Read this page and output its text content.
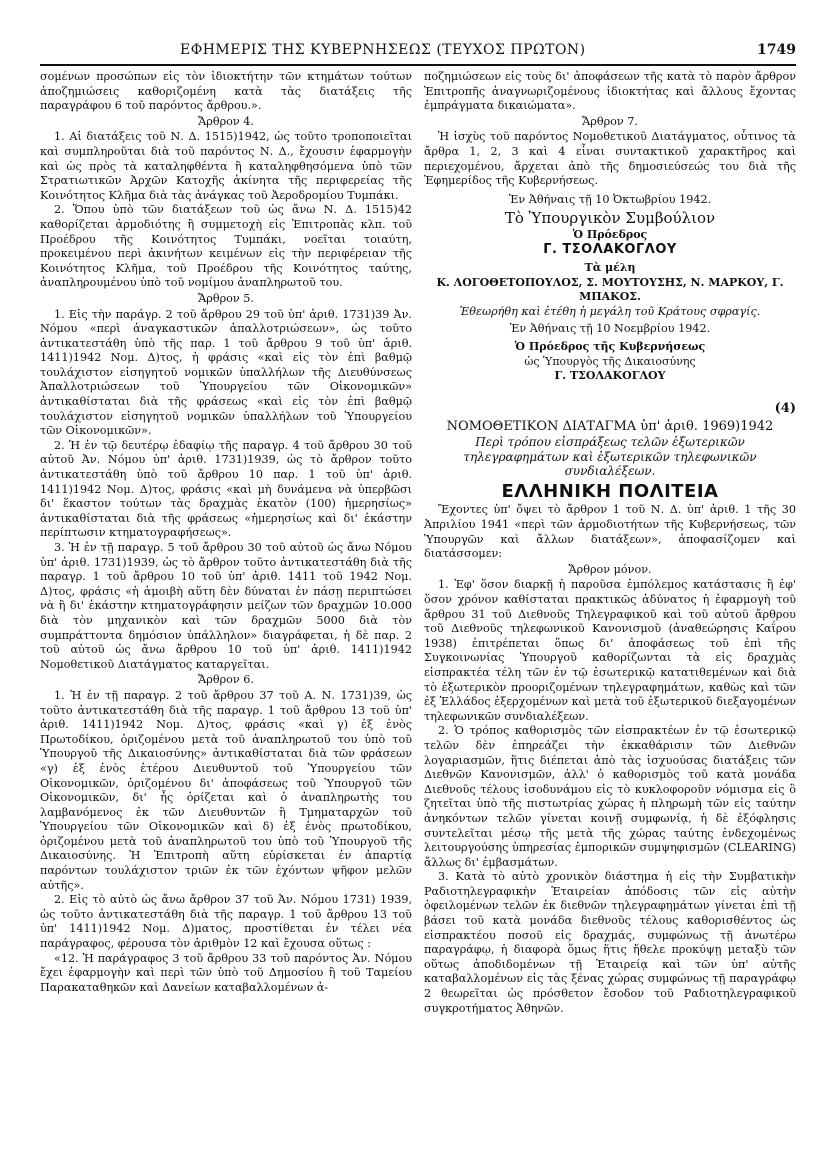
ΕΦΗΜΕΡΙΣ ΤΗΣ ΚΥΒΕΡΝΗΣΕΩΣ (ΤΕΥΧΟΣ ΠΡΩΤΟΝ)	1749

σομένων προσώπων εἰς τὸν ἰδιοκτήτην τῶν κτημάτων τούτων ἀποζημιώσεις καθοριζομένη κατὰ τὰς διατάξεις τῆς παραγράφου 6 τοῦ παρόντος ἄρθρου.».

Ἄρθρον 4.

1. Αἱ διατάξεις τοῦ Ν. Δ. 1515)1942, ὡς τοῦτο τροποποιεῖται καὶ συμπληροῦται διὰ τοῦ παρόντος Ν. Δ., ἔχουσιν ἐφαρμογὴν καὶ ὡς πρὸς τὰ καταληφθέντα ἢ καταληφθησόμενα ὑπὸ τῶν Στρατιωτικῶν Ἀρχῶν Κατοχῆς ἀκίνητα τῆς περιφερείας τῆς Κοινότητος Κλῆμα διὰ τὰς ἀνάγκας τοῦ Ἀεροδρομίου Τυμπάκι.

2. Ὅπου ὑπὸ τῶν διατάξεων τοῦ ὡς ἄνω Ν. Δ. 1515)42 καθορίζεται ἁρμοδιότης ἢ συμμετοχὴ εἰς Ἐπιτροπὰς κλπ. τοῦ Προέδρου τῆς Κοινότητος Τυμπάκι, νοεῖται τοιαύτη, προκειμένου περὶ ἀκινήτων κειμένων εἰς τὴν περιφέρειαν τῆς Κοινότητος Κλῆμα, τοῦ Προέδρου τῆς Κοινότητος ταύτης, ἀναπληρουμένου ὑπὸ τοῦ νομίμου ἀναπληρωτοῦ του.

Ἄρθρον 5.

1. Εἰς τὴν παράγρ. 2 τοῦ ἄρθρου 29 τοῦ ὑπ' ἀριθ. 1731)39 Ἀν. Νόμου «περὶ ἀναγκαστικῶν ἀπαλλοτριώσεων», ὡς τοῦτο ἀντικατεστάθη ὑπὸ τῆς παρ. 1 τοῦ ἄρθρου 9 τοῦ ὑπ' ἀριθ. 1411)1942 Νομ. Δ)τος, ἡ φράσις «καὶ εἰς τὸν ἐπὶ βαθμῷ τουλάχιστον εἰσηγητοῦ νομικῶν ὑπαλλήλων τῆς Διευθύνσεως Ἀπαλλοτριώσεων τοῦ Ὑπουργείου τῶν Οἰκονομικῶν» ἀντικαθίσταται διὰ τῆς φράσεως «καὶ εἰς τὸν ἐπὶ βαθμῷ τουλάχιστον εἰσηγητοῦ νομικῶν ὑπαλλήλων τοῦ Ὑπουργείου τῶν Οἰκονομικῶν».

2. Ἡ ἐν τῷ δευτέρῳ ἐδαφίῳ τῆς παραγρ. 4 τοῦ ἄρθρου 30 τοῦ αὐτοῦ Ἀν. Νόμου ὑπ' ἀριθ. 1731)1939, ὡς τὸ ἄρθρον τοῦτο ἀντικατεστάθη ὑπὸ τοῦ ἄρθρου 10 παρ. 1 τοῦ ὑπ' ἀριθ. 1411)1942 Νομ. Δ)τος, φράσις «καὶ μὴ δυνάμενα νὰ ὑπερβῶσι δι' ἕκαστον τούτων τὰς δραχμὰς ἑκατὸν (100) ἡμερησίως» ἀντικαθίσταται διὰ τῆς φράσεως «ἡμερησίως καὶ δι' ἑκάστην περίπτωσιν κτηματογραφήσεως».

3. Ἡ ἐν τῇ παραγρ. 5 τοῦ ἄρθρου 30 τοῦ αὐτοῦ ὡς ἄνω Νόμου ὑπ' ἀριθ. 1731)1939, ὡς τὸ ἄρθρον τοῦτο ἀντικατεστάθη διὰ τῆς παραγρ. 1 τοῦ ἄρθρου 10 τοῦ ὑπ' ἀριθ. 1411 τοῦ 1942 Νομ. Δ)τος, φράσις «ἡ ἀμοιβὴ αὕτη δὲν δύναται ἐν πάσῃ περιπτώσει νὰ ἢ δι' ἑκάστην κτηματογράφησιν μείζων τῶν δραχμῶν 10.000 διὰ τὸν μηχανικὸν καὶ τῶν δραχμῶν 5000 διὰ τὸν συμπράττοντα δημόσιον ὑπάλληλον» διαγράφεται, ἡ δὲ παρ. 2 τοῦ αὐτοῦ ὡς ἄνω ἄρθρου 10 τοῦ ὑπ' ἀριθ. 1411)1942 Νομοθετικοῦ Διατάγματος καταργεῖται.

Ἄρθρον 6.

1. Ἡ ἐν τῇ παραγρ. 2 τοῦ ἄρθρου 37 τοῦ Α. Ν. 1731)39, ὡς τοῦτο ἀντικατεστάθη διὰ τῆς παραγρ. 1 τοῦ ἄρθρου 13 τοῦ ὑπ' ἀριθ. 1411)1942 Νομ. Δ)τος, φράσις «καὶ γ) ἐξ ἑνὸς Πρωτοδίκου, ὁριζομένου μετὰ τοῦ ἀναπληρωτοῦ του ὑπὸ τοῦ Ὑπουργοῦ τῆς Δικαιοσύνης» ἀντικαθίσταται διὰ τῶν φράσεων «γ) ἐξ ἑνὸς ἑτέρου Διευθυντοῦ τοῦ Ὑπουργείου τῶν Οἰκονομικῶν, ὁριζομένου δι' ἀποφάσεως τοῦ Ὑπουργοῦ τῶν Οἰκονομικῶν, δι' ἧς ὁρίζεται καὶ ὁ ἀναπληρωτὴς του λαμβανόμενος ἐκ τῶν Διευθυντῶν ἢ Τμηματαρχῶν τοῦ Ὑπουργείου τῶν Οἰκονομικῶν καὶ δ) ἐξ ἑνὸς πρωτοδίκου, ὁριζομένου μετὰ τοῦ ἀναπληρωτοῦ του ὑπὸ τοῦ Ὑπουργοῦ τῆς Δικαιοσύνης. Ἡ Ἐπιτροπὴ αὕτη εὑρίσκεται ἐν ἀπαρτίᾳ παρόντων τουλάχιστον τριῶν ἐκ τῶν ἐχόντων ψῆφον μελῶν αὐτῆς».

2. Εἰς τὸ αὐτὸ ὡς ἄνω ἄρθρον 37 τοῦ Ἀν. Νόμου 1731) 1939, ὡς τοῦτο ἀντικατεστάθη διὰ τῆς παραγρ. 1 τοῦ ἄρθρου 13 τοῦ ὑπ' 1411)1942 Νομ. Δ)ματος, προστίθεται ἐν τέλει νέα παράγραφος, φέρουσα τὸν ἀριθμὸν 12 καὶ ἔχουσα οὕτως :

«12. Ἡ παράγραφος 3 τοῦ ἄρθρου 33 τοῦ παρόντος Ἀν. Νόμου ἔχει ἐφαρμογὴν καὶ περὶ τῶν ὑπὸ τοῦ Δημοσίου ἢ τοῦ Ταμείου Παρακαταθηκῶν καὶ Δανείων καταβαλλομένων ἀ-

ποζημιώσεων εἰς τοὺς δι' ἀποφάσεων τῆς κατὰ τὸ παρὸν ἄρθρον Ἐπιτροπῆς ἀναγνωριζομένους ἰδιοκτήτας καὶ ἄλλους ἔχοντας ἐμπράγματα δικαιώματα».

Ἄρθρον 7.

Ἡ ἰσχὺς τοῦ παρόντος Νομοθετικοῦ Διατάγματος, οὗτινος τὰ ἄρθρα 1, 2, 3 καὶ 4 εἶναι συντακτικοῦ χαρακτῆρος καὶ περιεχομένου, ἄρχεται ἀπὸ τῆς δημοσιεύσεώς του διὰ τῆς Ἐφημερίδος τῆς Κυβερνήσεως.

Ἐν Ἀθήναις τῇ 10 Ὀκτωβρίου 1942.

Τὸ Ὑπουργικὸν Συμβούλιον

Ὁ Πρόεδρος

Γ. ΤΣΟΛΑΚΟΓΛΟΥ

Τὰ μέλη

Κ. ΛΟΓΟΘΕΤΟΠΟΥΛΟΣ, Σ. ΜΟΥΤΟΥΣΗΣ, Ν. ΜΑΡΚΟΥ, Γ. ΜΠΑΚΟΣ.

Ἐθεωρήθη καὶ ἐτέθη ἡ μεγάλη τοῦ Κράτους σφραγίς.

Ἐν Ἀθήναις τῇ 10 Νοεμβρίου 1942.

Ὁ Πρόεδρος τῆς Κυβερνήσεως

ὡς Ὑπουργὸς τῆς Δικαιοσύνης

Γ. ΤΣΟΛΑΚΟΓΛΟΥ

(4)

ΝΟΜΟΘΕΤΙΚΟΝ ΔΙΑΤΑΓΜΑ ὑπ' ἀριθ. 1969)1942

Περὶ τρόπου εἰσπράξεως τελῶν ἐξωτερικῶν τηλεγραφημάτων καὶ ἐξωτερικῶν τηλεφωνικῶν συνδιαλέξεων.

ΕΛΛΗΝΙΚΗ ΠΟΛΙΤΕΙΑ

Ἔχοντες ὑπ' ὄψει τὸ ἄρθρον 1 τοῦ Ν. Δ. ὑπ' ἀριθ. 1 τῆς 30 Ἀπριλίου 1941 «περὶ τῶν ἁρμοδιοτήτων τῆς Κυβερνήσεως, τῶν Ὑπουργῶν καὶ ἄλλων διατάξεων», ἀποφασίζομεν καὶ διατάσσομεν:

Ἄρθρον μόνον.

1. Ἐφ' ὅσον διαρκῇ ἡ παροῦσα ἐμπόλεμος κατάστασις ἢ ἐφ' ὅσον χρόνον καθίσταται πρακτικῶς ἀδύνατος ἡ ἐφαρμογὴ τοῦ ἄρθρου 31 τοῦ Διεθνοῦς Τηλεγραφικοῦ καὶ τοῦ αὐτοῦ ἄρθρου τοῦ Διεθνοῦς τηλεφωνικοῦ Κανονισμοῦ (ἀναθεώρησις Καΐρου 1938) ἐπιτρέπεται ὅπως δι' ἀποφάσεως τοῦ ἐπὶ τῆς Συγκοινωνίας Ὑπουργοῦ καθορίζωνται τὰ εἰς δραχμὰς εἰσπρακτέα τέλη τῶν ἐν τῷ ἐσωτερικῷ κατατιθεμένων καὶ διὰ τὸ ἐξωτερικὸν προοριζομένων τηλεγραφημάτων, καθὼς καὶ τῶν ἐξ Ἑλλάδος ἐξερχομένων καὶ μετὰ τοῦ ἐξωτερικοῦ διεξαγομένων τηλεφωνικῶν συνδιαλέξεων.

2. Ὁ τρόπος καθορισμὸς τῶν εἰσπρακτέων ἐν τῷ ἐσωτερικῷ τελῶν δὲν ἐπηρεάζει τὴν ἐκκαθάρισιν τῶν Διεθνῶν λογαριασμῶν, ἥτις διέπεται ἀπὸ τὰς ἰσχυούσας διατάξεις τῶν Διεθνῶν Κανονισμῶν, ἀλλ' ὁ καθορισμὸς τοῦ κατὰ μονάδα Διεθνοῦς τέλους ἰσοδυνάμου εἰς τὸ κυκλοφοροῦν νόμισμα εἰς ὃ ζητεῖται ὑπὸ τῆς πιστωτρίας χώρας ἡ πληρωμὴ τῶν εἰς ταύτην ἀνηκόντων τελῶν γίνεται κοινῇ συμφωνίᾳ, ἡ δὲ ἐξόφλησις συντελεῖται μέσῳ τῆς μετὰ τῆς χώρας ταύτης ἐνδεχομένως λειτουργούσης ὑπηρεσίας ἐμπορικῶν συμψηφισμῶν (CLEARING) ἄλλως δι' ἐμβασμάτων.

3. Κατὰ τὸ αὐτὸ χρονικὸν διάστημα ἡ εἰς τὴν Συμβατικὴν Ραδιοτηλεγραφικὴν Ἑταιρείαν ἀπόδοσις τῶν εἰς αὐτὴν ὀφειλομένων τελῶν ἐκ διεθνῶν τηλεγραφημάτων γίνεται ἐπὶ τῇ βάσει τοῦ κατὰ μονάδα διεθνοῦς τέλους καθορισθέντος ὡς εἰσπρακτέου ποσοῦ εἰς δραχμάς, συμφώνως τῇ ἀνωτέρω παραγράφῳ, ἡ διαφορὰ ὅμως ἥτις ἤθελε προκύψῃ μεταξὺ τῶν οὕτως ἀποδιδομένων τῇ Ἑταιρείᾳ καὶ τῶν ὑπ' αὐτῆς καταβαλλομένων εἰς τὰς ξένας χώρας συμφώνως τῇ παραγράφῳ 2 θεωρεῖται ὡς πρόσθετον ἔσοδον τοῦ Ραδιοτηλεγραφικοῦ συγκροτήματος Ἀθηνῶν.
